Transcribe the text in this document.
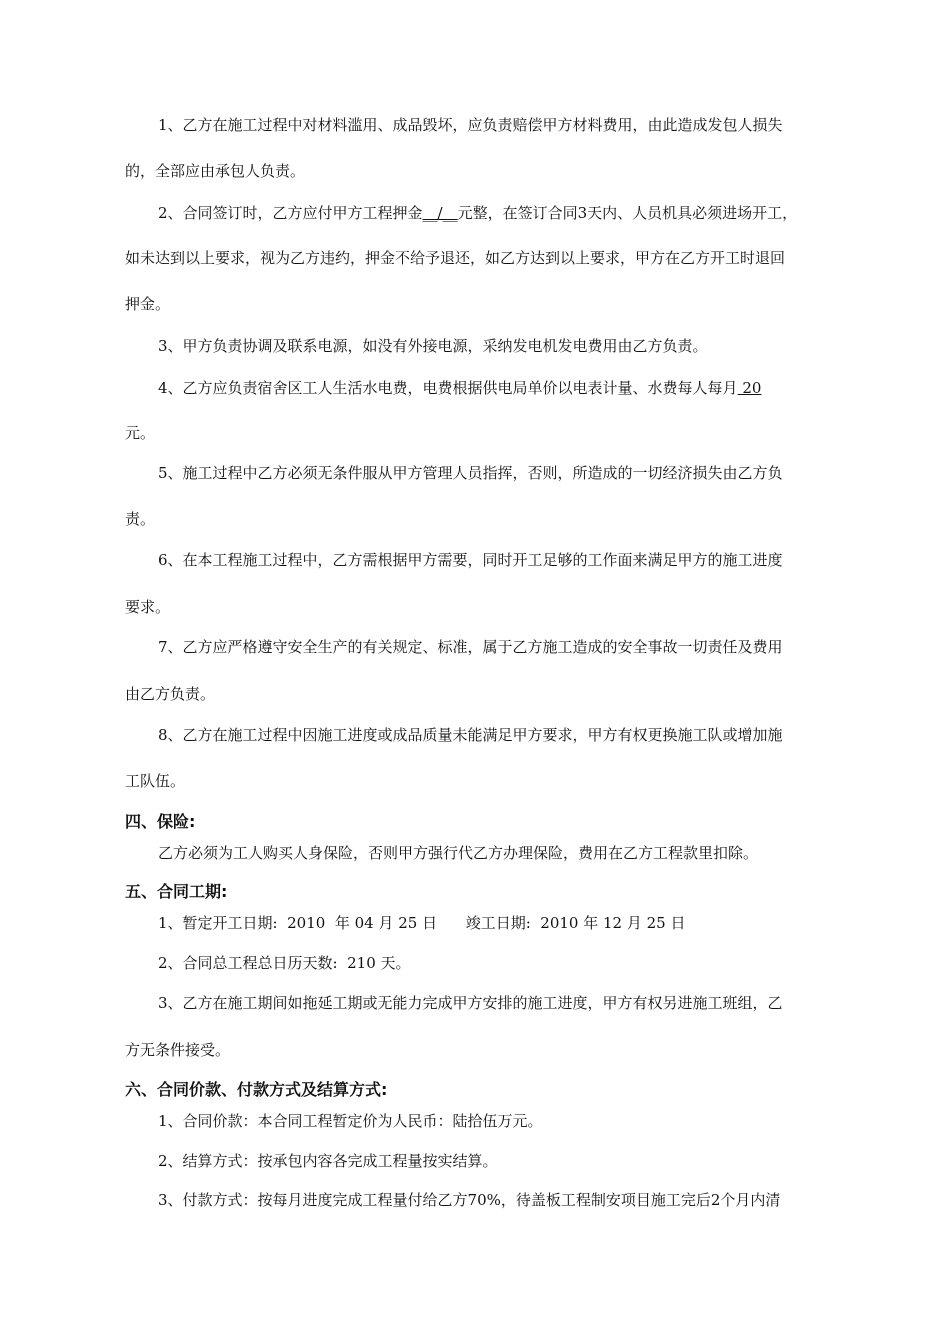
1、乙方在施工过程中对材料滥用、成品毁坏，应负责赔偿甲方材料费用，由此造成发包人损失
的，全部应由承包人负责。
2、合同签订时，乙方应付甲方工程押金__/__元整，在签订合同3天内、人员机具必须进场开工，
如未达到以上要求，视为乙方违约，押金不给予退还，如乙方达到以上要求，甲方在乙方开工时退回
押金。
3、甲方负责协调及联系电源，如没有外接电源，采纳发电机发电费用由乙方负责。
4、乙方应负责宿舍区工人生活水电费，电费根据供电局单价以电表计量、水费每人每月 20
元。
5、施工过程中乙方必须无条件服从甲方管理人员指挥，否则，所造成的一切经济损失由乙方负
责。
6、在本工程施工过程中，乙方需根据甲方需要，同时开工足够的工作面来满足甲方的施工进度
要求。
7、乙方应严格遵守安全生产的有关规定、标准，属于乙方施工造成的安全事故一切责任及费用
由乙方负责。
8、乙方在施工过程中因施工进度或成品质量未能满足甲方要求，甲方有权更换施工队或增加施
工队伍。
四、保险:
乙方必须为工人购买人身保险，否则甲方强行代乙方办理保险，费用在乙方工程款里扣除。
五、合同工期:
1、暂定开工日期:  2010  年 04 月 25 日      竣工日期:  2010 年 12 月 25 日
2、合同总工程总日历天数:  210 天。
3、乙方在施工期间如拖延工期或无能力完成甲方安排的施工进度，甲方有权另进施工班组，乙
方无条件接受。
六、合同价款、付款方式及结算方式:
1、合同价款：本合同工程暂定价为人民币：陆拾伍万元。
2、结算方式：按承包内容各完成工程量按实结算。
3、付款方式：按每月进度完成工程量付给乙方70%，待盖板工程制安项目施工完后2个月内清
